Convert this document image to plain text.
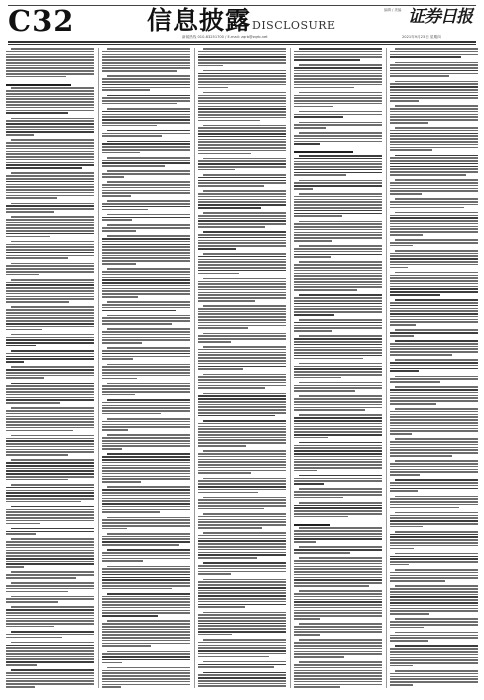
C32	信息披露 DISCLOSURE
编辑 / 美编 证券日报
新闻热线 010-83251700 / E-mail: zqrb@zqrb.net	2021年9月23日 星期四
